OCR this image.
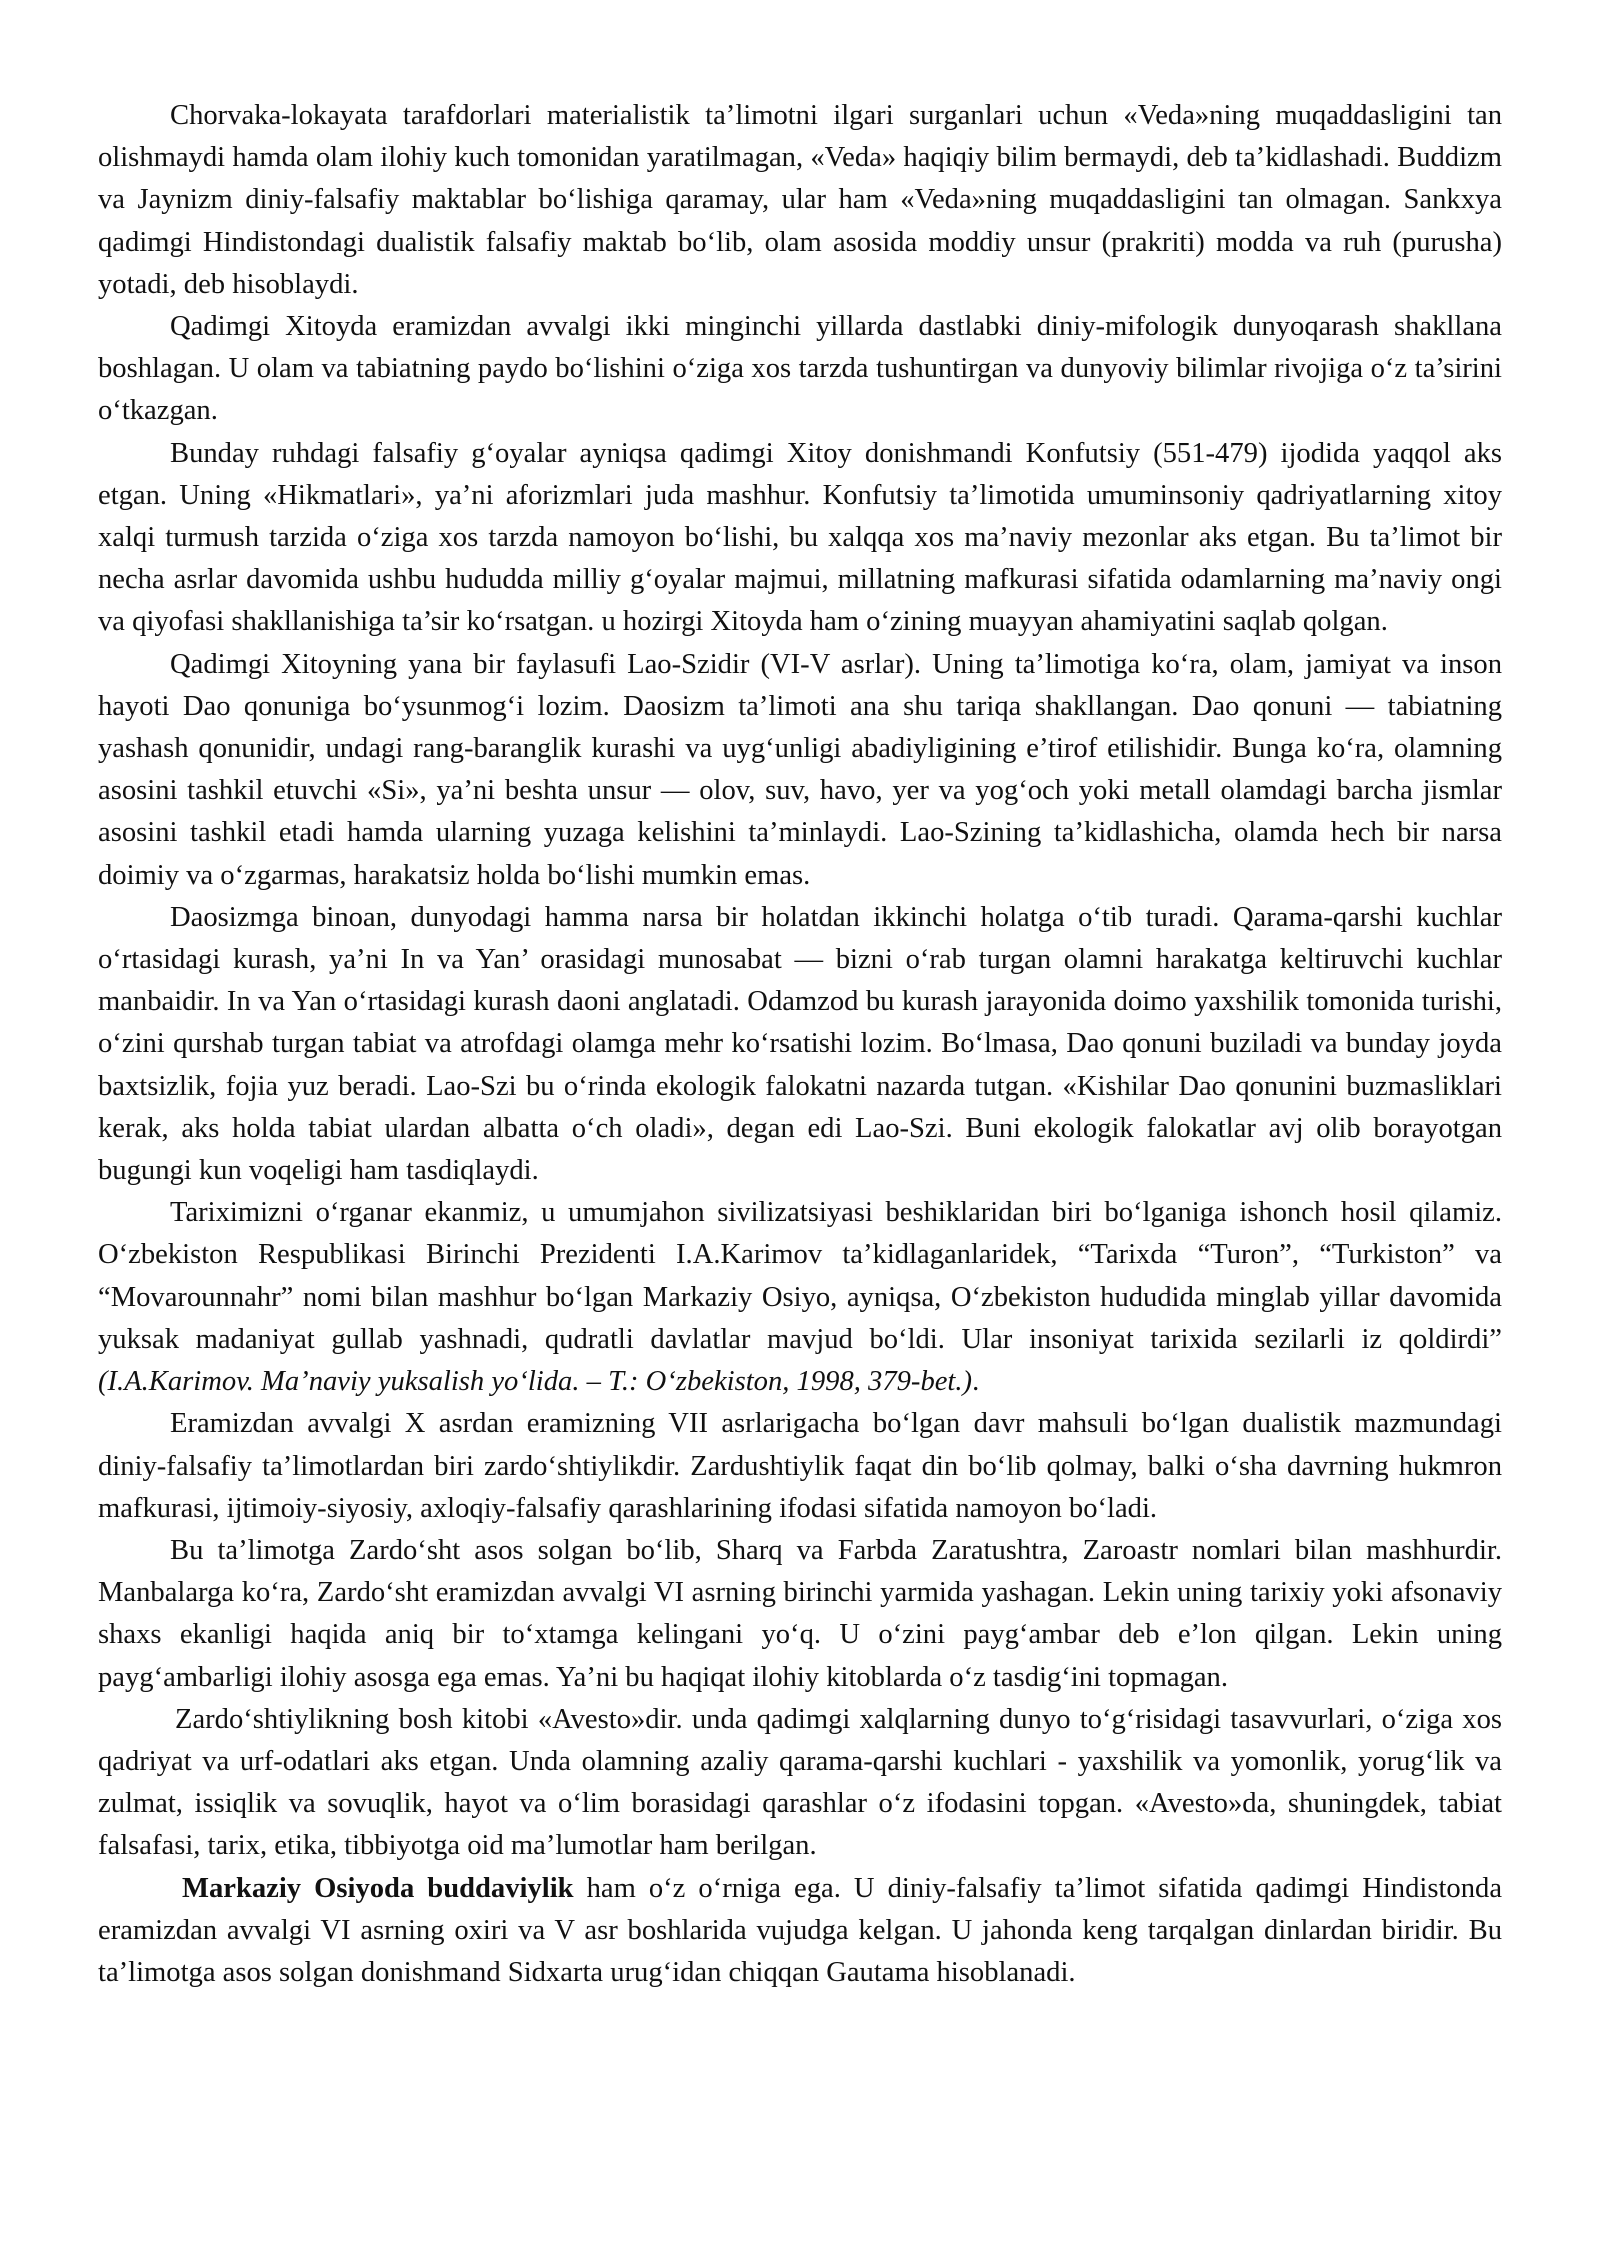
Chorvaka-lokayata tarafdorlari materialistik ta’limotni ilgari surganlari uchun «Veda»ning muqaddasligini tan olishmaydi hamda olam ilohiy kuch tomonidan yaratilmagan, «Veda» haqiqiy bilim bermaydi, deb ta’kidlashadi. Buddizm va Jaynizm diniy-falsafiy maktablar bo‘lishiga qaramay, ular ham «Veda»ning muqaddasligini tan olmagan. Sankxya qadimgi Hindistondagi dualistik falsafiy maktab bo‘lib, olam asosida moddiy unsur (prakriti) modda va ruh (purusha) yotadi, deb hisoblaydi.

Qadimgi Xitoyda eramizdan avvalgi ikki minginchi yillarda dastlabki diniy-mifologik dunyoqarash shakllana boshlagan. U olam va tabiatning paydo bo‘lishini o‘ziga xos tarzda tushuntirgan va dunyoviy bilimlar rivojiga o‘z ta’sirini o‘tkazgan.

Bunday ruhdagi falsafiy g‘oyalar ayniqsa qadimgi Xitoy donishmandi Konfutsiy (551-479) ijodida yaqqol aks etgan. Uning «Hikmatlari», ya’ni aforizmlari juda mashhur. Konfutsiy ta’limotida umuminsoniy qadriyatlarning xitoy xalqi turmush tarzida o‘ziga xos tarzda namoyon bo‘lishi, bu xalqqa xos ma’naviy mezonlar aks etgan. Bu ta’limot bir necha asrlar davomida ushbu hududda milliy g‘oyalar majmui, millatning mafkurasi sifatida odamlarning ma’naviy ongi va qiyofasi shakllanishiga ta’sir ko‘rsatgan. u hozirgi Xitoyda ham o‘zining muayyan ahamiyatini saqlab qolgan.

Qadimgi Xitoyning yana bir faylasufi Lao-Szidir (VI-V asrlar). Uning ta’limotiga ko‘ra, olam, jamiyat va inson hayoti Dao qonuniga bo‘ysunmog‘i lozim. Daosizm ta’limoti ana shu tariqa shakllangan. Dao qonuni — tabiatning yashash qonunidir, undagi rang-baranglik kurashi va uyg‘unligi abadiyligining e’tirof etilishidir. Bunga ko‘ra, olamning asosini tashkil etuvchi «Si», ya’ni beshta unsur — olov, suv, havo, yer va yog‘och yoki metall olamdagi barcha jismlar asosini tashkil etadi hamda ularning yuzaga kelishini ta’minlaydi. Lao-Szining ta’kidlashicha, olamda hech bir narsa doimiy va o‘zgarmas, harakatsiz holda bo‘lishi mumkin emas.

Daosizmga binoan, dunyodagi hamma narsa bir holatdan ikkinchi holatga o‘tib turadi. Qarama-qarshi kuchlar o‘rtasidagi kurash, ya’ni In va Yan’ orasidagi munosabat — bizni o‘rab turgan olamni harakatga keltiruvchi kuchlar manbaidir. In va Yan o‘rtasidagi kurash daoni anglatadi. Odamzod bu kurash jarayonida doimo yaxshilik tomonida turishi, o‘zini qurshab turgan tabiat va atrofdagi olamga mehr ko‘rsatishi lozim. Bo‘lmasa, Dao qonuni buziladi va bunday joyda baxtsizlik, fojia yuz beradi. Lao-Szi bu o‘rinda ekologik falokatni nazarda tutgan. «Kishilar Dao qonunini buzmasliklari kerak, aks holda tabiat ulardan albatta o‘ch oladi», degan edi Lao-Szi. Buni ekologik falokatlar avj olib borayotgan bugungi kun voqeligi ham tasdiqlaydi.

Tariximizni o‘rganar ekanmiz, u umumjahon sivilizatsiyasi beshiklaridan biri bo‘lganiga ishonch hosil qilamiz. O‘zbekiston Respublikasi Birinchi Prezidenti I.A.Karimov ta’kidlaganlaridek, “Tarixda “Turon”, “Turkiston” va “Movarounnahr” nomi bilan mashhur bo‘lgan Markaziy Osiyo, ayniqsa, O‘zbekiston hududida minglab yillar davomida yuksak madaniyat gullab yashnadi, qudratli davlatlar mavjud bo‘ldi. Ular insoniyat tarixida sezilarli iz qoldirdi” (I.A.Karimov. Ma’naviy yuksalish yo‘lida. – T.: O‘zbekiston, 1998, 379-bet.).

Eramizdan avvalgi X asrdan eramizning VII asrlarigacha bo‘lgan davr mahsuli bo‘lgan dualistik mazmundagi diniy-falsafiy ta’limotlardan biri zardo‘shtiylikdir. Zardushtiylik faqat din bo‘lib qolmay, balki o‘sha davrning hukmron mafkurasi, ijtimoiy-siyosiy, axloqiy-falsafiy qarashlarining ifodasi sifatida namoyon bo‘ladi.

Bu ta’limotga Zardo‘sht asos solgan bo‘lib, Sharq va Farbda Zaratushtra, Zaroastr nomlari bilan mashhurdir. Manbalarga ko‘ra, Zardo‘sht eramizdan avvalgi VI asrning birinchi yarmida yashagan. Lekin uning tarixiy yoki afsonaviy shaxs ekanligi haqida aniq bir to‘xtamga kelingani yo‘q. U o‘zini payg‘ambar deb e’lon qilgan. Lekin uning payg‘ambarligi ilohiy asosga ega emas. Ya’ni bu haqiqat ilohiy kitoblarda o‘z tasdig‘ini topmagan.

Zardo‘shtiylikning bosh kitobi «Avesto»dir. unda qadimgi xalqlarning dunyo to‘g‘risidagi tasavvurlari, o‘ziga xos qadriyat va urf-odatlari aks etgan. Unda olamning azaliy qarama-qarshi kuchlari - yaxshilik va yomonlik, yorug‘lik va zulmat, issiqlik va sovuqlik, hayot va o‘lim borasidagi qarashlar o‘z ifodasini topgan. «Avesto»da, shuningdek, tabiat falsafasi, tarix, etika, tibbiyotga oid ma’lumotlar ham berilgan.

Markaziy Osiyoda buddaviylik ham o‘z o‘rniga ega. U diniy-falsafiy ta’limot sifatida qadimgi Hindistonda eramizdan avvalgi VI asrning oxiri va V asr boshlarida vujudga kelgan. U jahonda keng tarqalgan dinlardan biridir. Bu ta’limotga asos solgan donishmand Sidxarta urug‘idan chiqqan Gautama hisoblanadi.
